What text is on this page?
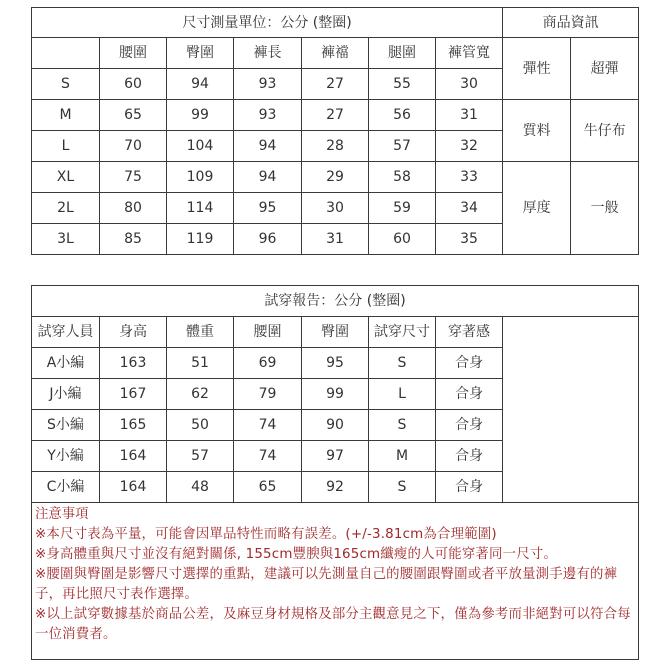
尺寸測量單位：公分 (整圈)							商品資訊	
	腰圍	臀圍	褲長	褲襠	腿圍	褲管寬	彈性	超彈
S	60	94	93	27	55	30		
M	65	99	93	27	56	31	質料	牛仔布
L	70	104	94	28	57	32		
XL	75	109	94	29	58	33	厚度	一般
2L	80	114	95	30	59	34		
3L	85	119	96	31	60	35		
試穿報告：公分 (整圈)							
試穿人員	身高	體重	腰圍	臀圍	試穿尺寸	穿著感	
A小編	163	51	69	95	S	合身	
J小編	167	62	79	99	L	合身	
S小編	165	50	74	90	S	合身	
Y小編	164	57	74	97	M	合身	
C小編	164	48	65	92	S	合身	

注意事項
※本尺寸表為平量，可能會因單品特性而略有誤差。(+/-3.81cm為合理範圍)
※身高體重與尺寸並沒有絕對關係, 155cm豐腴與165cm纖瘦的人可能穿著同一尺寸。
※腰圍與臀圍是影響尺寸選擇的重點，建議可以先測量自己的腰圍跟臀圍或者平放量測手邊有的褲子，再比照尺寸表作選擇。
※以上試穿數據基於商品公差，及麻豆身材規格及部分主觀意見之下，僅為參考而非絕對可以符合每一位消費者。							
